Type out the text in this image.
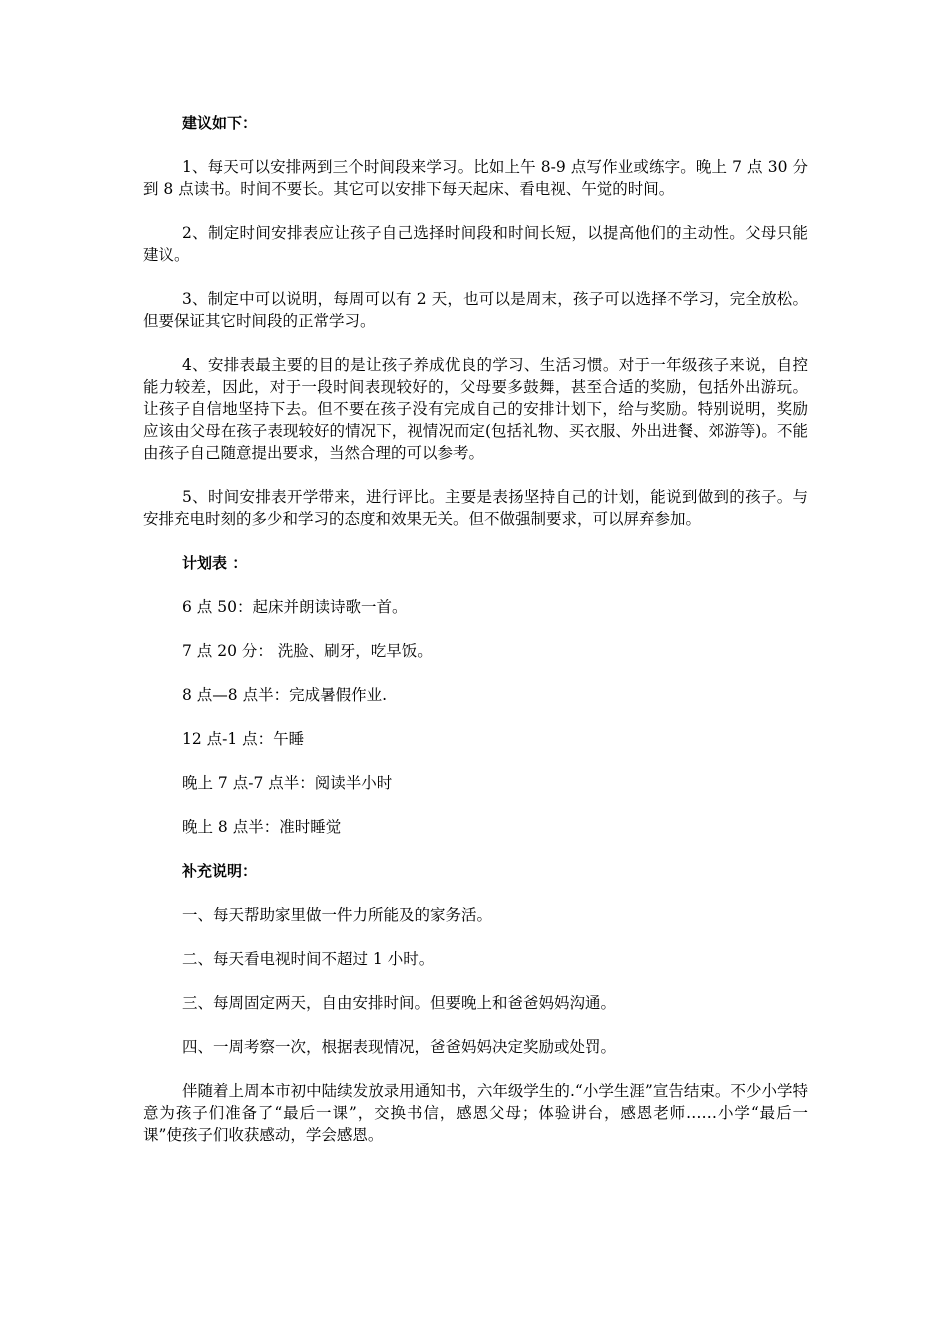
建议如下：

1、每天可以安排两到三个时间段来学习。比如上午 8-9 点写作业或练字。晚上 7 点 30 分到 8 点读书。时间不要长。其它可以安排下每天起床、看电视、午觉的时间。

2、制定时间安排表应让孩子自己选择时间段和时间长短，以提高他们的主动性。父母只能建议。

3、制定中可以说明，每周可以有 2 天，也可以是周末，孩子可以选择不学习，完全放松。但要保证其它时间段的正常学习。

4、安排表最主要的目的是让孩子养成优良的学习、生活习惯。对于一年级孩子来说，自控能力较差，因此，对于一段时间表现较好的，父母要多鼓舞，甚至合适的奖励，包括外出游玩。让孩子自信地坚持下去。但不要在孩子没有完成自己的安排计划下，给与奖励。特别说明，奖励应该由父母在孩子表现较好的情况下，视情况而定(包括礼物、买衣服、外出进餐、郊游等)。不能由孩子自己随意提出要求，当然合理的可以参考。

5、时间安排表开学带来，进行评比。主要是表扬坚持自己的计划，能说到做到的孩子。与安排充电时刻的多少和学习的态度和效果无关。但不做强制要求，可以屏弃参加。

计划表 ：
6 点 50：起床并朗读诗歌一首。
7 点 20 分： 洗脸、刷牙，吃早饭。
8 点—8 点半：完成暑假作业.
12 点-1 点：午睡
晚上 7 点-7 点半：阅读半小时
晚上 8 点半：准时睡觉
补充说明：
一、每天帮助家里做一件力所能及的家务活。
二、每天看电视时间不超过 1 小时。
三、每周固定两天，自由安排时间。但要晚上和爸爸妈妈沟通。
四、一周考察一次，根据表现情况，爸爸妈妈决定奖励或处罚。

伴随着上周本市初中陆续发放录用通知书，六年级学生的.“小学生涯”宣告结束。不少小学特意为孩子们准备了“最后一课”，交换书信，感恩父母；体验讲台，感恩老师……小学“最后一课”使孩子们收获感动，学会感恩。
